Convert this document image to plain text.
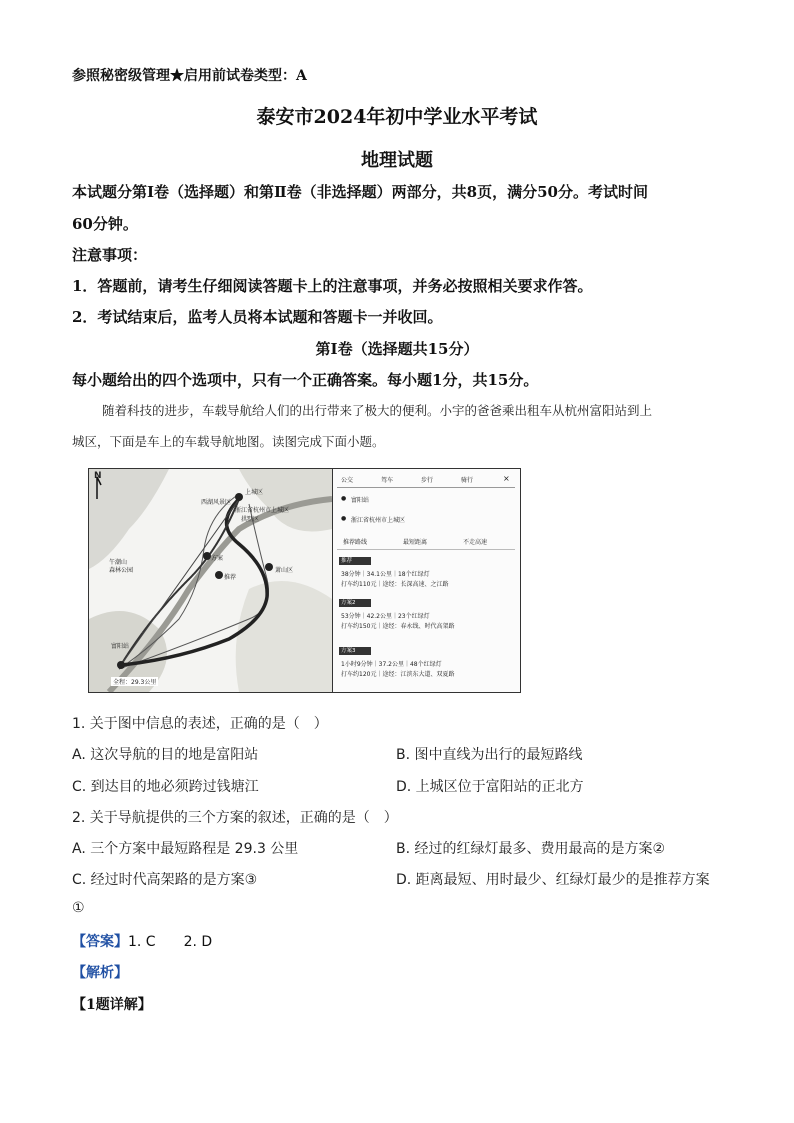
参照秘密级管理★启用前试卷类型：A
泰安市2024年初中学业水平考试
地理试题
本试题分第Ⅰ卷（选择题）和第Ⅱ卷（非选择题）两部分，共8页，满分50分。考试时间
60分钟。
注意事项：
1．答题前，请考生仔细阅读答题卡上的注意事项，并务必按照相关要求作答。
2．考试结束后，监考人员将本试题和答题卡一并收回。
第Ⅰ卷（选择题共15分）
每小题给出的四个选项中，只有一个正确答案。每小题1分，共15分。
随着科技的进步，车载导航给人们的出行带来了极大的便利。小宇的爸爸乘出租车从杭州富阳站到上
城区，下面是车上的车载导航地图。读图完成下面小题。
N
上城区
西湖风景区
浙江省杭州市上城区
拱墅区
方案
推荐
萧山区
午潮山
森林公园
富阳站
全程：29.3公里
公交	驾车	步行	骑行	×
● 富阳站
● 浙江省杭州市上城区
推荐路线	最短距离	不走高速
推荐
38分钟｜34.1公里｜18个红绿灯
打车约110元｜途经：长深高速、之江路
方案2
53分钟｜42.2公里｜23个红绿灯
打车约150元｜途经：春永线、时代高架路
方案3
1小时9分钟｜37.2公里｜48个红绿灯
打车约120元｜途经：江滨东大道、双夏路
1. 关于图中信息的表述，正确的是（　）
A. 这次导航的目的地是富阳站	B. 图中直线为出行的最短路线
C. 到达目的地必须跨过钱塘江	D. 上城区位于富阳站的正北方
2. 关于导航提供的三个方案的叙述，正确的是（　）
A. 三个方案中最短路程是 29.3 公里	B. 经过的红绿灯最多、费用最高的是方案②
C. 经过时代高架路的是方案③	D. 距离最短、用时最少、红绿灯最少的是推荐方案
①
【答案】1. C　　2. D
【解析】
【1题详解】
